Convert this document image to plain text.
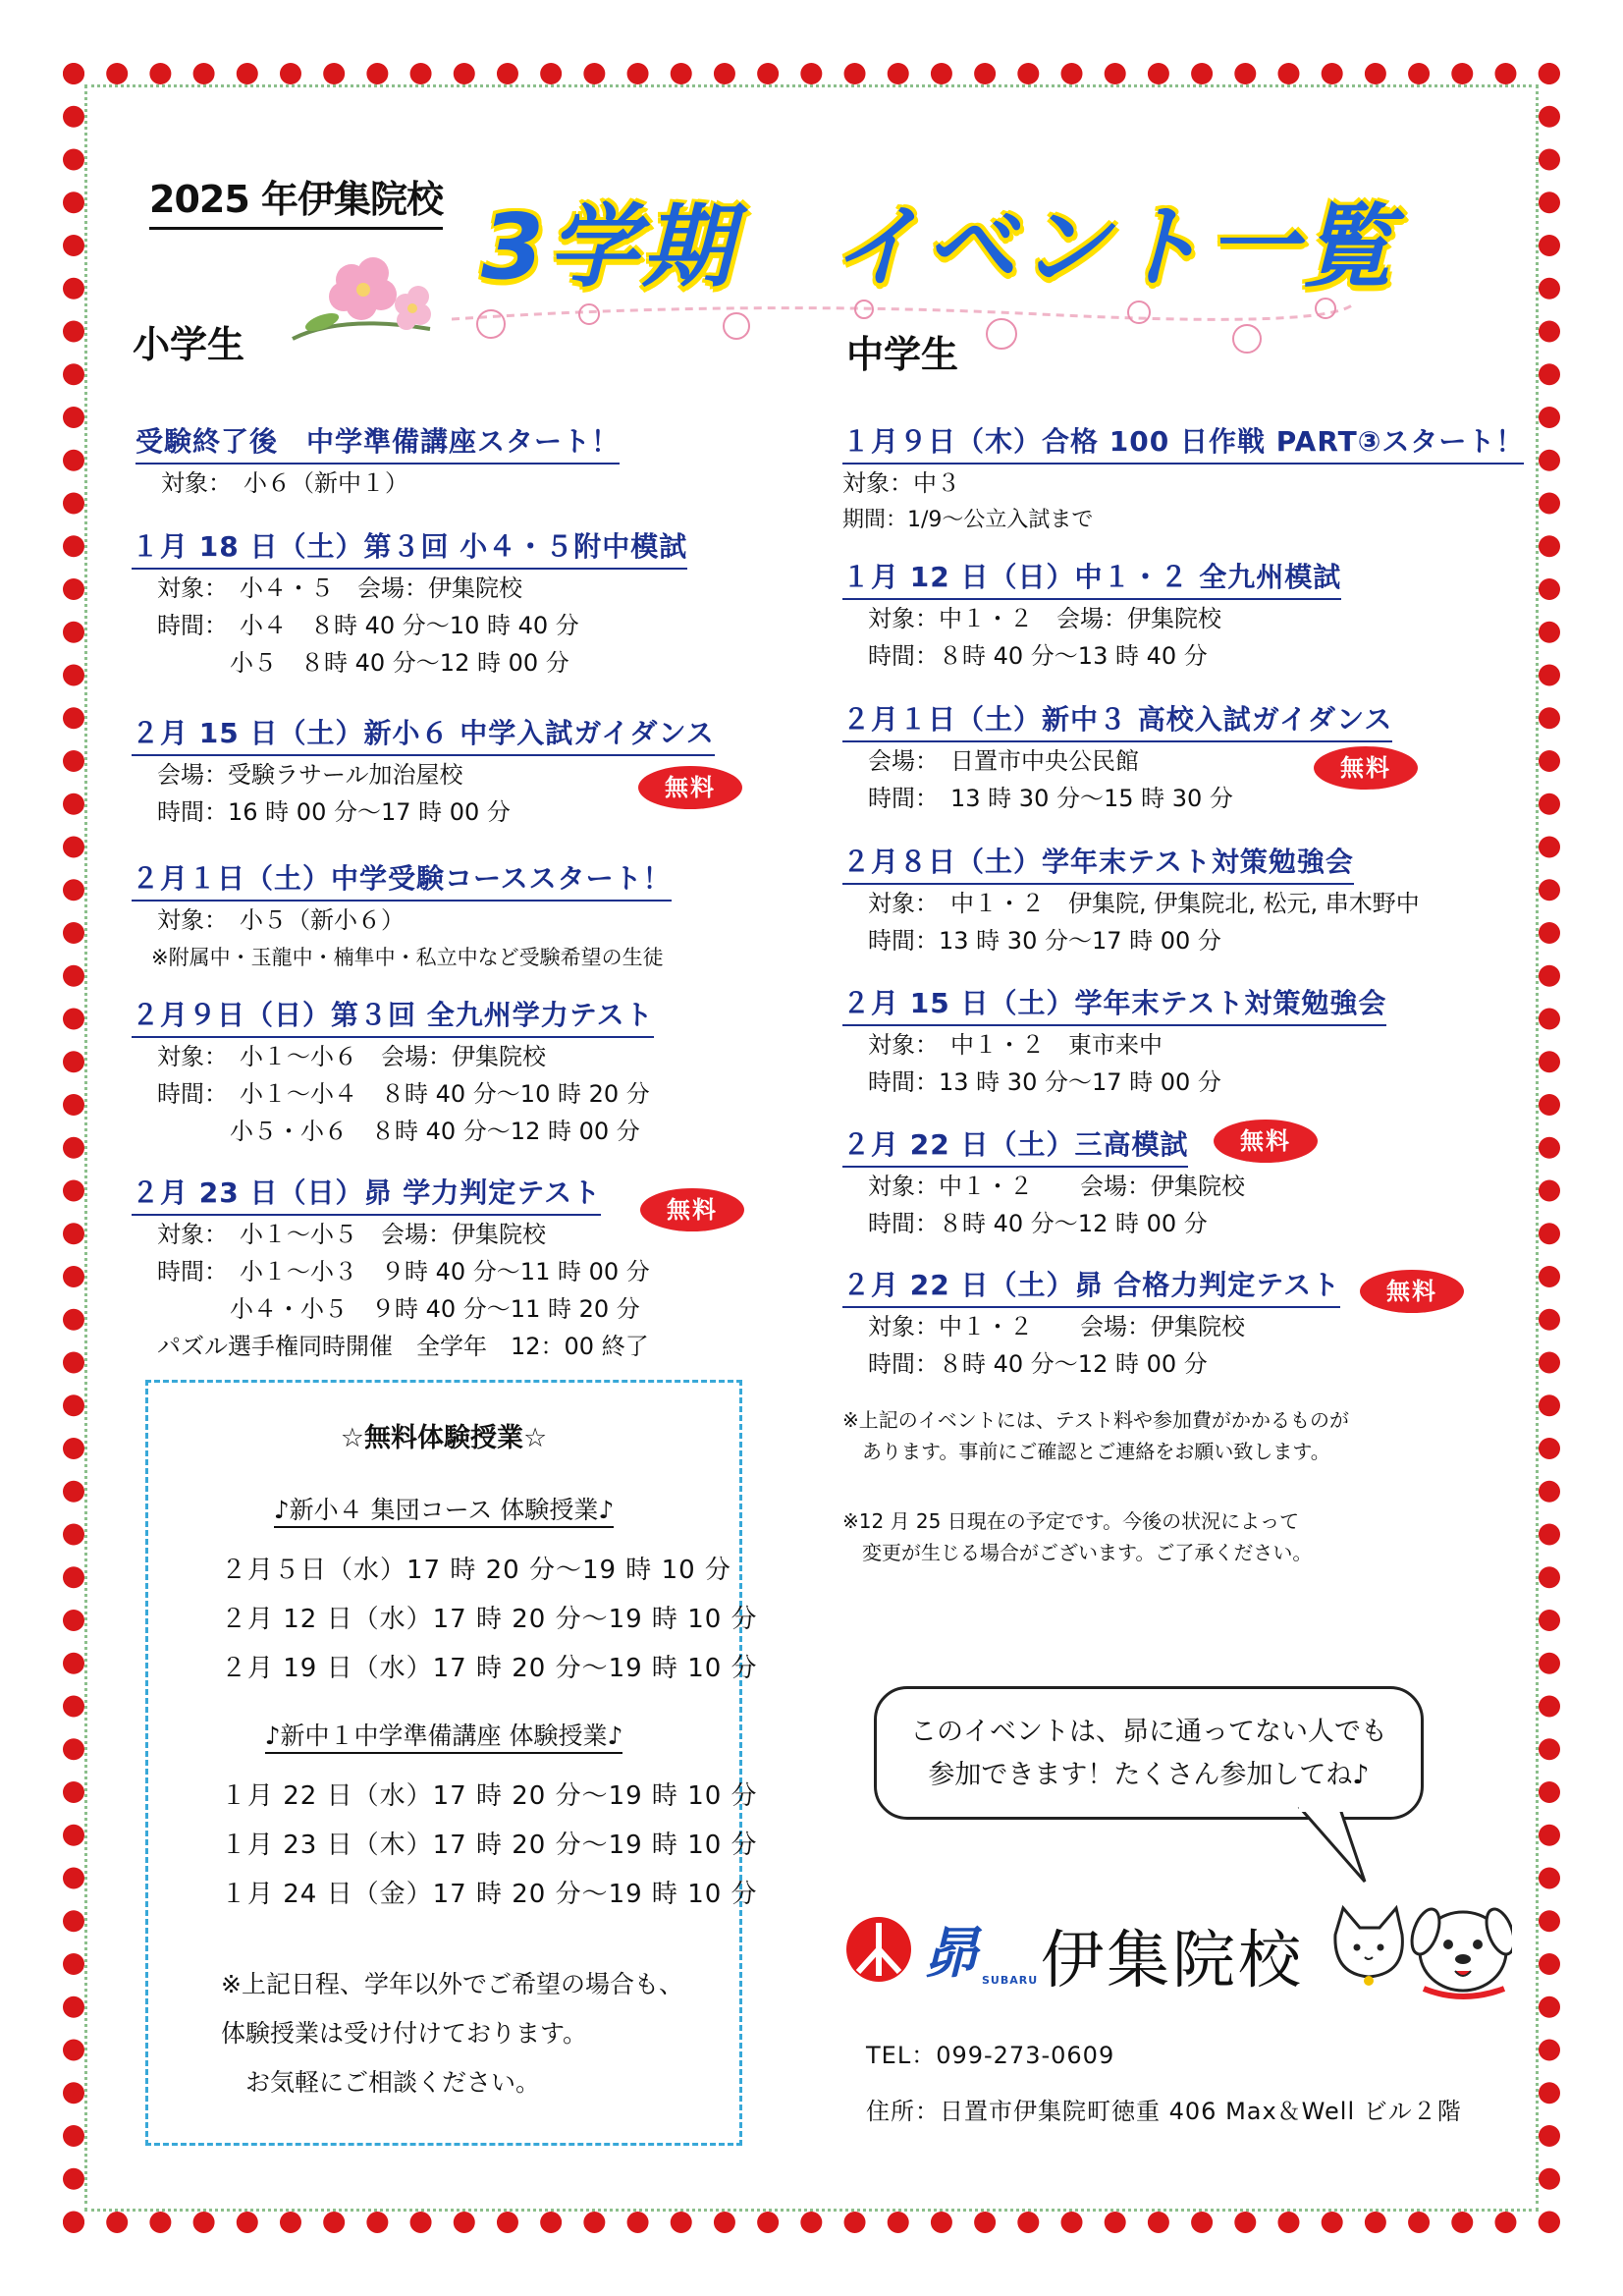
2025 年伊集院校 3学期　イベント一覧
小学生	中学生
受験終了後　中学準備講座スタート！
対象：　小６（新中１）
１月 18 日（土）第３回 小４・５附中模試
対象：　小４・５　会場：伊集院校
時間：　小４　８時 40 分～10 時 40 分
小５　８時 40 分～12 時 00 分
２月 15 日（土）新小６ 中学入試ガイダンス
会場：受験ラサール加治屋校
時間：16 時 00 分～17 時 00 分
無料
２月１日（土）中学受験コーススタート！
対象：　小５（新小６）
※附属中・玉龍中・楠隼中・私立中など受験希望の生徒
２月９日（日）第３回 全九州学力テスト
対象：　小１～小６　会場：伊集院校
時間：　小１～小４　８時 40 分～10 時 20 分
小５・小６　８時 40 分～12 時 00 分
２月 23 日（日）昴 学力判定テスト
対象：　小１～小５　会場：伊集院校
時間：　小１～小３　９時 40 分～11 時 00 分
小４・小５　９時 40 分～11 時 20 分
パズル選手権同時開催　全学年　12：00 終了
無料
☆無料体験授業☆
♪新小４ 集団コース 体験授業♪
２月５日（水）17 時 20 分～19 時 10 分
２月 12 日（水）17 時 20 分～19 時 10 分
２月 19 日（水）17 時 20 分～19 時 10 分
♪新中１中学準備講座 体験授業♪
１月 22 日（水）17 時 20 分～19 時 10 分
１月 23 日（木）17 時 20 分～19 時 10 分
１月 24 日（金）17 時 20 分～19 時 10 分
※上記日程、学年以外でご希望の場合も、
体験授業は受け付けております。
　お気軽にご相談ください。
１月９日（木）合格 100 日作戦 PART③スタート！
対象：中３
期間：1/9～公立入試まで
１月 12 日（日）中１・２ 全九州模試
対象：中１・２　会場：伊集院校
時間：８時 40 分～13 時 40 分
２月１日（土）新中３ 高校入試ガイダンス
会場：　日置市中央公民館
時間：　13 時 30 分～15 時 30 分
無料
２月８日（土）学年末テスト対策勉強会
対象：　中１・２　伊集院, 伊集院北, 松元, 串木野中
時間：13 時 30 分～17 時 00 分
２月 15 日（土）学年末テスト対策勉強会
対象：　中１・２　東市来中
時間：13 時 30 分～17 時 00 分
２月 22 日（土）三高模試
対象：中１・２　　会場：伊集院校
時間：８時 40 分～12 時 00 分
無料
２月 22 日（土）昴 合格力判定テスト
対象：中１・２　　会場：伊集院校
時間：８時 40 分～12 時 00 分
無料
※上記のイベントには、テスト料や参加費がかかるものが
　あります。事前にご確認とご連絡をお願い致します。
※12 月 25 日現在の予定です。今後の状況によって
　変更が生じる場合がございます。ご了承ください。
このイベントは、昴に通ってない人でも
参加できます！たくさん参加してね♪
昴 SUBARU 伊集院校
TEL：099-273-0609
住所：日置市伊集院町徳重 406 Max＆Well ビル２階
